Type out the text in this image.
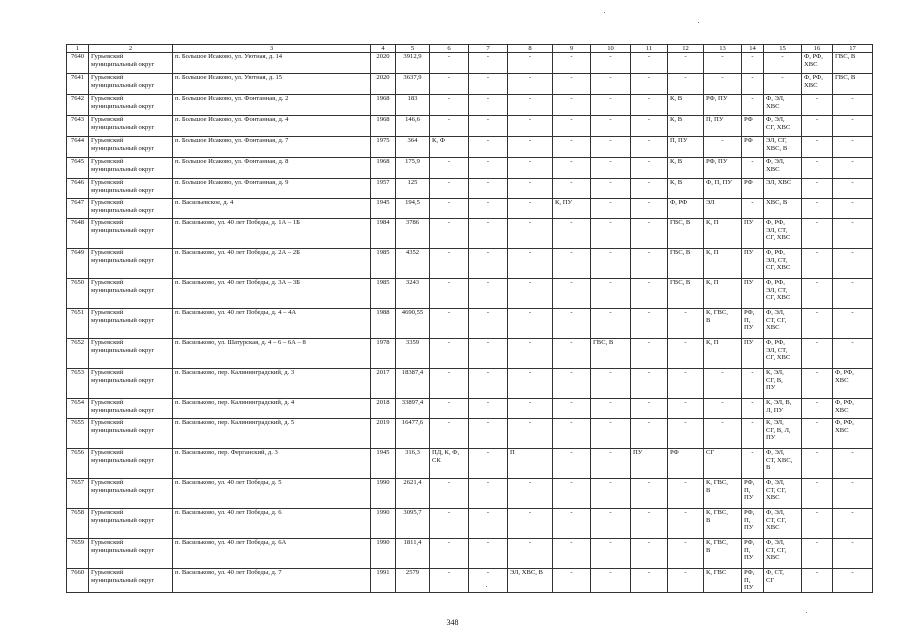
1	2	3	4	5	6	7	8	9	10	11	12	13	14	15	16	17
7640	Гурьевский
муниципальный округ	п. Большое Исаково, ул. Уютная, д. 14	2020	3912,9	-	-	-	-	-	-	-	-	-	-	Ф, РФ,
ХВС	ГВС, В
7641	Гурьевский
муниципальный округ	п. Большое Исаково, ул. Уютная, д. 15	2020	3637,9	-	-	-	-	-	-	-	-	-	-	Ф, РФ,
ХВС	ГВС, В
7642	Гурьевский
муниципальный округ	п. Большое Исаково, ул. Фонтанная, д. 2	1968	183	-	-	-	-	-	-	К, В	РФ, ПУ	-	Ф, ЭЛ,
ХВС	-	-
7643	Гурьевский
муниципальный округ	п. Большое Исаково, ул. Фонтанная, д. 4	1968	146,6	-	-	-	-	-	-	К, В	П, ПУ	РФ	Ф, ЭЛ,
СГ, ХВС	-	-
7644	Гурьевский
муниципальный округ	п. Большое Исаково, ул. Фонтанная, д. 7	1975	364	К, Ф	-	-	-	-	-	П, ПУ	-	РФ	ЭЛ, СГ,
ХВС, В	-	-
7645	Гурьевский
муниципальный округ	п. Большое Исаково, ул. Фонтанная, д. 8	1968	175,9	-	-	-	-	-	-	К, В	РФ, ПУ	-	Ф, ЭЛ,
ХВС	-	-
7646	Гурьевский
муниципальный округ	п. Большое Исаково, ул. Фонтанная, д. 9	1957	125	-	-	-	-	-	-	К, В	Ф, П, ПУ	РФ	ЭЛ, ХВС	-	-
7647	Гурьевский
муниципальный округ	п. Васильевское, д. 4	1945	194,5	-	-	-	К, ПУ	-	-	Ф, РФ	ЭЛ	-	ХВС, В	-	-
7648	Гурьевский
муниципальный округ	п. Васильково, ул. 40 лет Победы, д. 1А – 1Б	1984	3786	-	-	-	-	-	-	ГВС, В	К, П	ПУ	Ф, РФ,
ЭЛ, СТ,
СГ, ХВС	-	-
7649	Гурьевский
муниципальный округ	п. Васильково, ул. 40 лет Победы, д. 2А – 2Б	1985	4352	-	-	-	-	-	-	ГВС, В	К, П	ПУ	Ф, РФ,
ЭЛ, СТ,
СГ, ХВС	-	-
7650	Гурьевский
муниципальный округ	п. Васильково, ул. 40 лет Победы, д. 3А – 3Б	1985	3243	-	-	-	-	-	-	ГВС, В	К, П	ПУ	Ф, РФ,
ЭЛ, СТ,
СГ, ХВС	-	-
7651	Гурьевский
муниципальный округ	п. Васильково, ул. 40 лет Победы, д. 4 – 4А	1988	4690,55	-	-	-	-	-	-	-	К, ГВС,
В	РФ, П,
ПУ	Ф, ЭЛ,
СТ, СГ,
ХВС	-	-
7652	Гурьевский
муниципальный округ	п. Васильково, ул. Шатурская, д. 4 – 6 – 6А – 8	1978	3359	-	-	-	-	ГВС, В	-	-	К, П	ПУ	Ф, РФ,
ЭЛ, СТ,
СГ, ХВС	-	-
7653	Гурьевский
муниципальный округ	п. Васильково, пер. Калининградский, д. 3	2017	18387,4	-	-	-	-	-	-	-	-	-	К, ЭЛ,
СГ, В,
ПУ	-	Ф, РФ,
ХВС
7654	Гурьевский
муниципальный округ	п. Васильково, пер. Калининградский, д. 4	2018	33897,4	-	-	-	-	-	-	-	-	-	К, ЭЛ, В,
Л, ПУ	-	Ф, РФ,
ХВС
7655	Гурьевский
муниципальный округ	п. Васильково, пер. Калининградский, д. 5	2019	16477,6	-	-	-	-	-	-	-	-	-	К, ЭЛ,
СГ, В, Л,
ПУ	-	Ф, РФ,
ХВС
7656	Гурьевский
муниципальный округ	п. Васильково, пер. Ферганский, д. 3	1945	316,3	ПД, К, Ф,
СК	-	П	-	-	ПУ	РФ	СГ	-	Ф, ЭЛ,
СТ, ХВС,
В	-	-
7657	Гурьевский
муниципальный округ	п. Васильково, ул. 40 лет Победы, д. 5	1990	2621,4	-	-	-	-	-	-	-	К, ГВС,
В	РФ, П,
ПУ	Ф, ЭЛ,
СТ, СГ,
ХВС	-	-
7658	Гурьевский
муниципальный округ	п. Васильково, ул. 40 лет Победы, д. 6	1990	3095,7	-	-	-	-	-	-	-	К, ГВС,
В	РФ, П,
ПУ	Ф, ЭЛ,
СТ, СГ,
ХВС	-	-
7659	Гурьевский
муниципальный округ	п. Васильково, ул. 40 лет Победы, д. 6А	1990	1811,4	-	-	-	-	-	-	-	К, ГВС,
В	РФ, П,
ПУ	Ф, ЭЛ,
СТ, СГ,
ХВС	-	-
7660	Гурьевский
муниципальный округ	п. Васильково, ул. 40 лет Победы, д. 7	1991	2579	-	-	ЭЛ, ХВС, В	-	-	-	-	К, ГВС	РФ, П,
ПУ	Ф, СТ,
СГ	-	-
348
